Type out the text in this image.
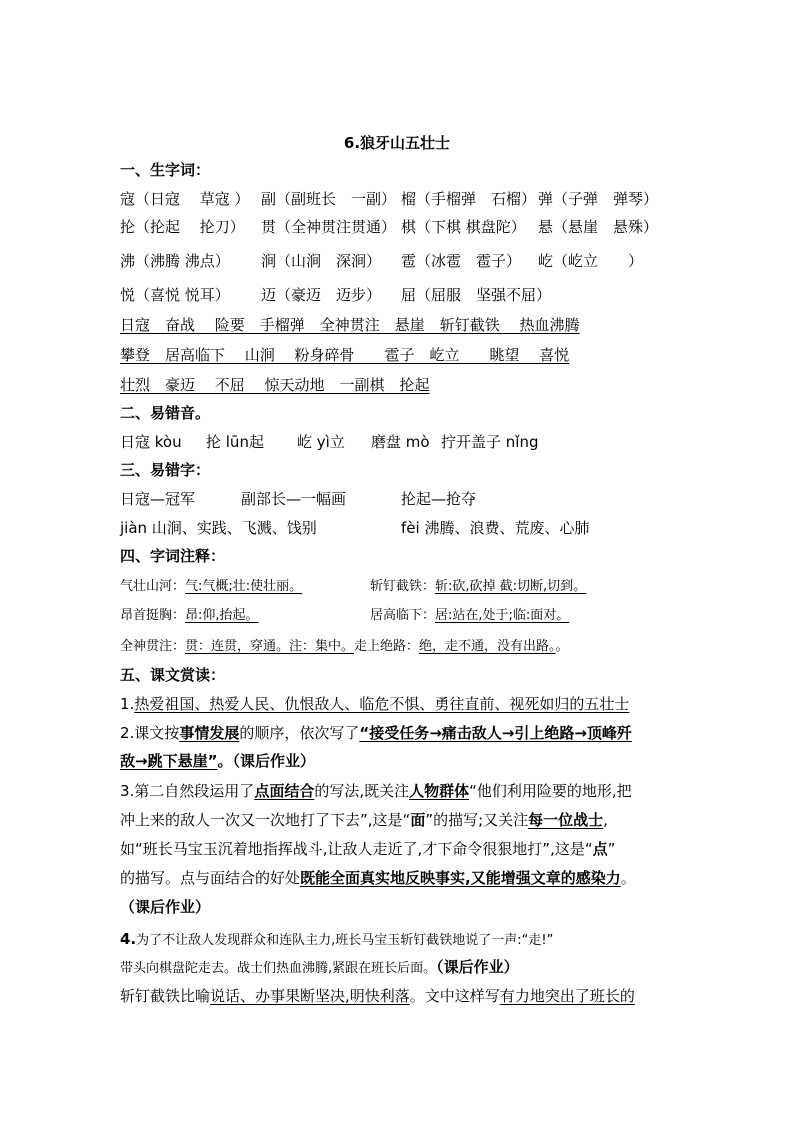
6.狼牙山五壮士
一、生字词：
寇（日寇　 草寇 ） 副（副班长　一副） 榴（手榴弹　石榴） 弹（子弹　弹琴）
抡（抡起　 抡刀） 贯（全神贯注贯通） 棋（下棋 棋盘陀） 悬（悬崖　悬殊）
沸（沸腾 沸点） 涧（山涧　深涧） 雹（冰雹　雹子） 屹（屹立　　）
悦（喜悦 悦耳） 迈（豪迈　迈步） 屈（屈服　坚强不屈）
日寇　奋战　 险要　手榴弹　全神贯注　悬崖　斩钉截铁　 热血沸腾
攀登　居高临下　 山涧　 粉身碎骨　　雹子　屹立　　眺望　 喜悦
壮烈　豪迈　 不屈　 惊天动地　一副棋　抡起
二、易错音。
日寇 kòu 抡 lūn起 屹 yì立 磨盘 mò 拧开盖子 nǐng
三、易错字：
日寇—冠军	副部长—一幅画	抡起—抢夺
jiàn 山涧、实践、飞溅、饯别	fèi 沸腾、浪费、荒废、心肺
四、字词注释：
气壮山河：气:气概;壮:使壮丽。	斩钉截铁：斩:砍,砍掉 截:切断,切到。
昂首挺胸：昂:仰,抬起。	居高临下：居:站在,处于;临:面对。
全神贯注：贯：连贯，穿通。注：集中。走上绝路：绝，走不通，没有出路。。
五、课文赏读：
1.热爱祖国、热爱人民、仇恨敌人、临危不惧、勇往直前、视死如归的五壮士
2.课文按事情发展的顺序，依次写了“接受任务→痛击敌人→引上绝路→顶峰歼
敌→跳下悬崖”。（课后作业）
3.第二自然段运用了点面结合的写法,既关注人物群体“他们利用险要的地形,把
冲上来的敌人一次又一次地打了下去”,这是“面”的描写;又关注每一位战士,
如“班长马宝玉沉着地指挥战斗,让敌人走近了,才下命令很狠地打”,这是“点”
的描写。点与面结合的好处既能全面真实地反映事实,又能增强文章的感染力。
（课后作业）
4.为了不让敌人发现群众和连队主力,班长马宝玉斩钉截铁地说了一声:“走!”
带头向棋盘陀走去。战士们热血沸腾,紧跟在班长后面。（课后作业）
斩钉截铁比喻说话、办事果断坚决,明快利落。文中这样写有力地突出了班长的
